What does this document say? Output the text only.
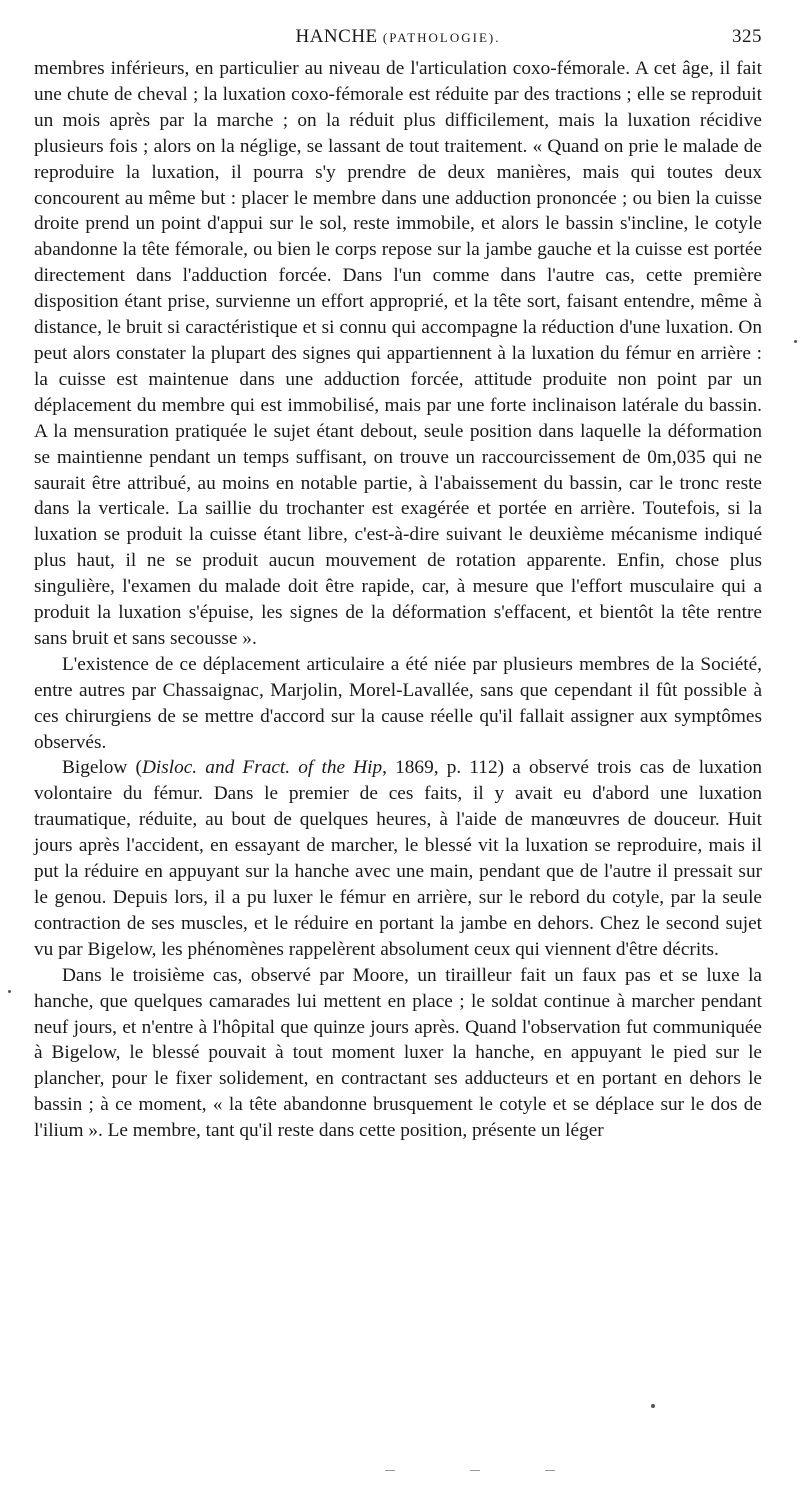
HANCHE (PATHOLOGIE).	325

membres inférieurs, en particulier au niveau de l'articulation coxo-fémorale. A cet âge, il fait une chute de cheval ; la luxation coxo-fémorale est réduite par des tractions ; elle se reproduit un mois après par la marche ; on la réduit plus difficilement, mais la luxation récidive plusieurs fois ; alors on la néglige, se lassant de tout traitement. « Quand on prie le malade de reproduire la luxation, il pourra s'y prendre de deux manières, mais qui toutes deux concourent au même but : placer le membre dans une adduction prononcée ; ou bien la cuisse droite prend un point d'appui sur le sol, reste immobile, et alors le bassin s'incline, le cotyle abandonne la tête fémorale, ou bien le corps repose sur la jambe gauche et la cuisse est portée directement dans l'adduction forcée. Dans l'un comme dans l'autre cas, cette première disposition étant prise, survienne un effort approprié, et la tête sort, faisant entendre, même à distance, le bruit si caractéristique et si connu qui accompagne la réduction d'une luxation. On peut alors constater la plupart des signes qui appartiennent à la luxation du fémur en arrière : la cuisse est maintenue dans une adduction forcée, attitude produite non point par un déplacement du membre qui est immobilisé, mais par une forte inclinaison latérale du bassin. A la mensuration pratiquée le sujet étant debout, seule position dans laquelle la déformation se maintienne pendant un temps suffisant, on trouve un raccourcissement de 0m,035 qui ne saurait être attribué, au moins en notable partie, à l'abaissement du bassin, car le tronc reste dans la verticale. La saillie du trochanter est exagérée et portée en arrière. Toutefois, si la luxation se produit la cuisse étant libre, c'est-à-dire suivant le deuxième mécanisme indiqué plus haut, il ne se produit aucun mouvement de rotation apparente. Enfin, chose plus singulière, l'examen du malade doit être rapide, car, à mesure que l'effort musculaire qui a produit la luxation s'épuise, les signes de la déformation s'effacent, et bientôt la tête rentre sans bruit et sans secousse ».

L'existence de ce déplacement articulaire a été niée par plusieurs membres de la Société, entre autres par Chassaignac, Marjolin, Morel-Lavallée, sans que cependant il fût possible à ces chirurgiens de se mettre d'accord sur la cause réelle qu'il fallait assigner aux symptômes observés.

Bigelow (Disloc. and Fract. of the Hip, 1869, p. 112) a observé trois cas de luxation volontaire du fémur. Dans le premier de ces faits, il y avait eu d'abord une luxation traumatique, réduite, au bout de quelques heures, à l'aide de manœuvres de douceur. Huit jours après l'accident, en essayant de marcher, le blessé vit la luxation se reproduire, mais il put la réduire en appuyant sur la hanche avec une main, pendant que de l'autre il pressait sur le genou. Depuis lors, il a pu luxer le fémur en arrière, sur le rebord du cotyle, par la seule contraction de ses muscles, et le réduire en portant la jambe en dehors. Chez le second sujet vu par Bigelow, les phénomènes rappelèrent absolument ceux qui viennent d'être décrits.

Dans le troisième cas, observé par Moore, un tirailleur fait un faux pas et se luxe la hanche, que quelques camarades lui mettent en place ; le soldat continue à marcher pendant neuf jours, et n'entre à l'hôpital que quinze jours après. Quand l'observation fut communiquée à Bigelow, le blessé pouvait à tout moment luxer la hanche, en appuyant le pied sur le plancher, pour le fixer solidement, en contractant ses adducteurs et en portant en dehors le bassin ; à ce moment, « la tête abandonne brusquement le cotyle et se déplace sur le dos de l'ilium ». Le membre, tant qu'il reste dans cette position, présente un léger
